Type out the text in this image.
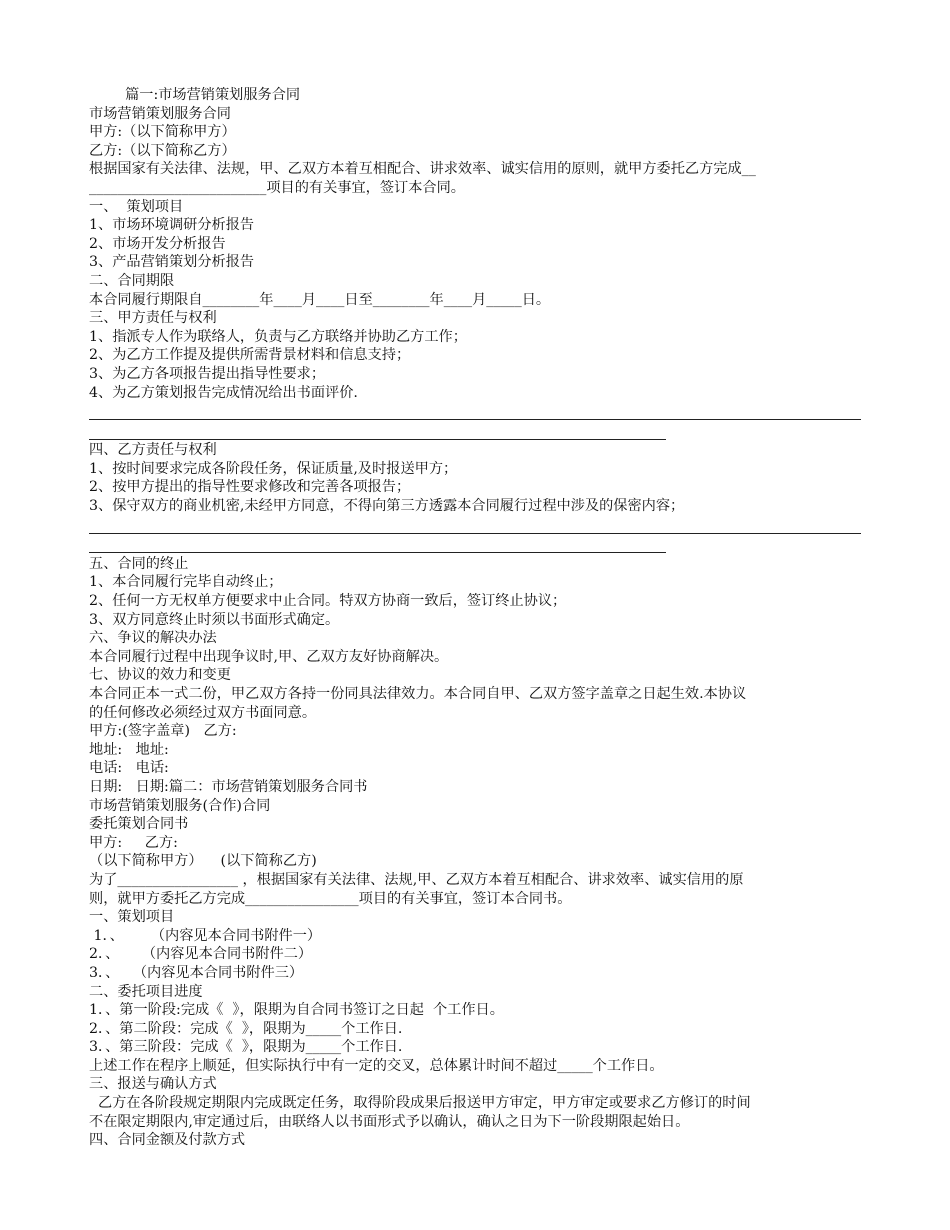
篇一:市场营销策划服务合同
市场营销策划服务合同
甲方:（以下简称甲方）
乙方:（以下简称乙方）
根据国家有关法律、法规，甲、乙双方本着互相配合、讲求效率、诚实信用的原则，就甲方委托乙方完成__
_________________________项目的有关事宜，签订本合同。
一、  策划项目
1、市场环境调研分析报告
2、市场开发分析报告
3、产品营销策划分析报告
二、合同期限
本合同履行期限自________年____月____日至________年____月_____日。
三、甲方责任与权利
1、指派专人作为联络人，负责与乙方联络并协助乙方工作；
2、为乙方工作提及提供所需背景材料和信息支持；
3、为乙方各项报告提出指导性要求；
4、为乙方策划报告完成情况给出书面评价.
四、乙方责任与权利
1、按时间要求完成各阶段任务，保证质量,及时报送甲方；
2、按甲方提出的指导性要求修改和完善各项报告；
3、保守双方的商业机密,未经甲方同意，不得向第三方透露本合同履行过程中涉及的保密内容；
五、合同的终止
1、本合同履行完毕自动终止；
2、任何一方无权单方便要求中止合同。特双方协商一致后，签订终止协议；
3、双方同意终止时须以书面形式确定。
六、争议的解决办法
本合同履行过程中出现争议时,甲、乙双方友好协商解决。
七、协议的效力和变更
本合同正本一式二份，甲乙双方各持一份同具法律效力。本合同自甲、乙双方签字盖章之日起生效.本协议
的任何修改必须经过双方书面同意。
甲方:(签字盖章)   乙方:
地址:   地址:
电话:   电话:
日期:   日期:篇二：市场营销策划服务合同书
市场营销策划服务(合作)合同
委托策划合同书
甲方:     乙方:
（以下简称甲方）    (以下简称乙方)
为了_________________ ，根据国家有关法律、法规,甲、乙双方本着互相配合、讲求效率、诚实信用的原
则，就甲方委托乙方完成________________项目的有关事宜，签订本合同书。
一、策划项目
1．、      （内容见本合同书附件一）
2．、     （内容见本合同书附件二）
3．、   （内容见本合同书附件三）
二、委托项目进度
1．、第一阶段:完成《  》，限期为自合同书签订之日起  个工作日。
2．、第二阶段：完成《  》，限期为_____个工作日.
3．、第三阶段：完成《  》，限期为_____个工作日.
上述工作在程序上顺延，但实际执行中有一定的交叉，总体累计时间不超过_____个工作日。
三、报送与确认方式
乙方在各阶段规定期限内完成既定任务，取得阶段成果后报送甲方审定，甲方审定或要求乙方修订的时间
不在限定期限内,审定通过后，由联络人以书面形式予以确认，确认之日为下一阶段期限起始日。
四、合同金额及付款方式
